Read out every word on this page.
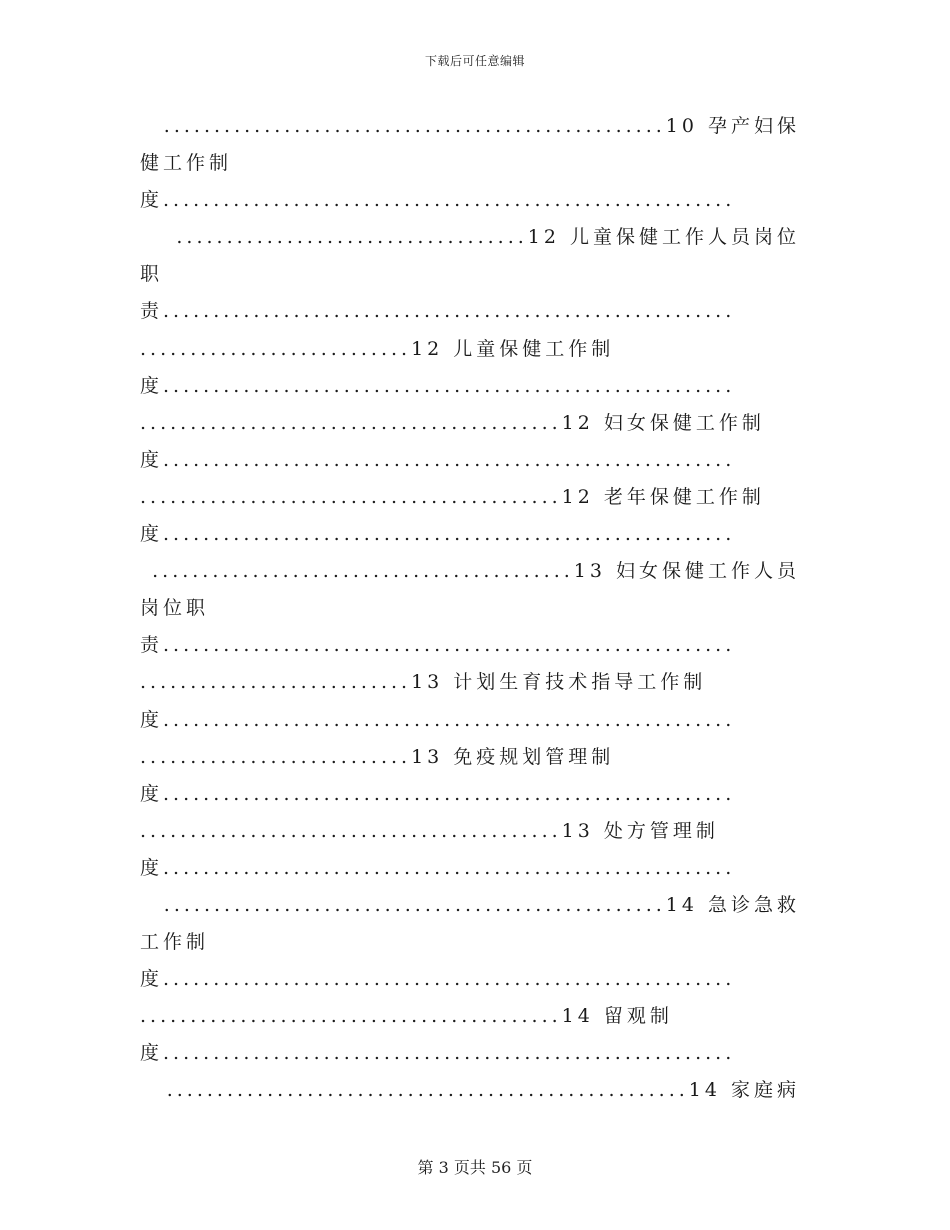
下载后可任意编辑
..................................................10 孕产妇保
健工作制
度.........................................................
...................................12 儿童保健工作人员岗位
职
责.........................................................
...........................12 儿童保健工作制
度.........................................................
..........................................12 妇女保健工作制
度.........................................................
..........................................12 老年保健工作制
度.........................................................
..........................................13 妇女保健工作人员
岗位职
责.........................................................
...........................13 计划生育技术指导工作制
度.........................................................
...........................13 免疫规划管理制
度.........................................................
..........................................13 处方管理制
度.........................................................
..................................................14 急诊急救
工作制
度.........................................................
..........................................14 留观制
度.........................................................
....................................................14 家庭病
第 3 页共 56 页
